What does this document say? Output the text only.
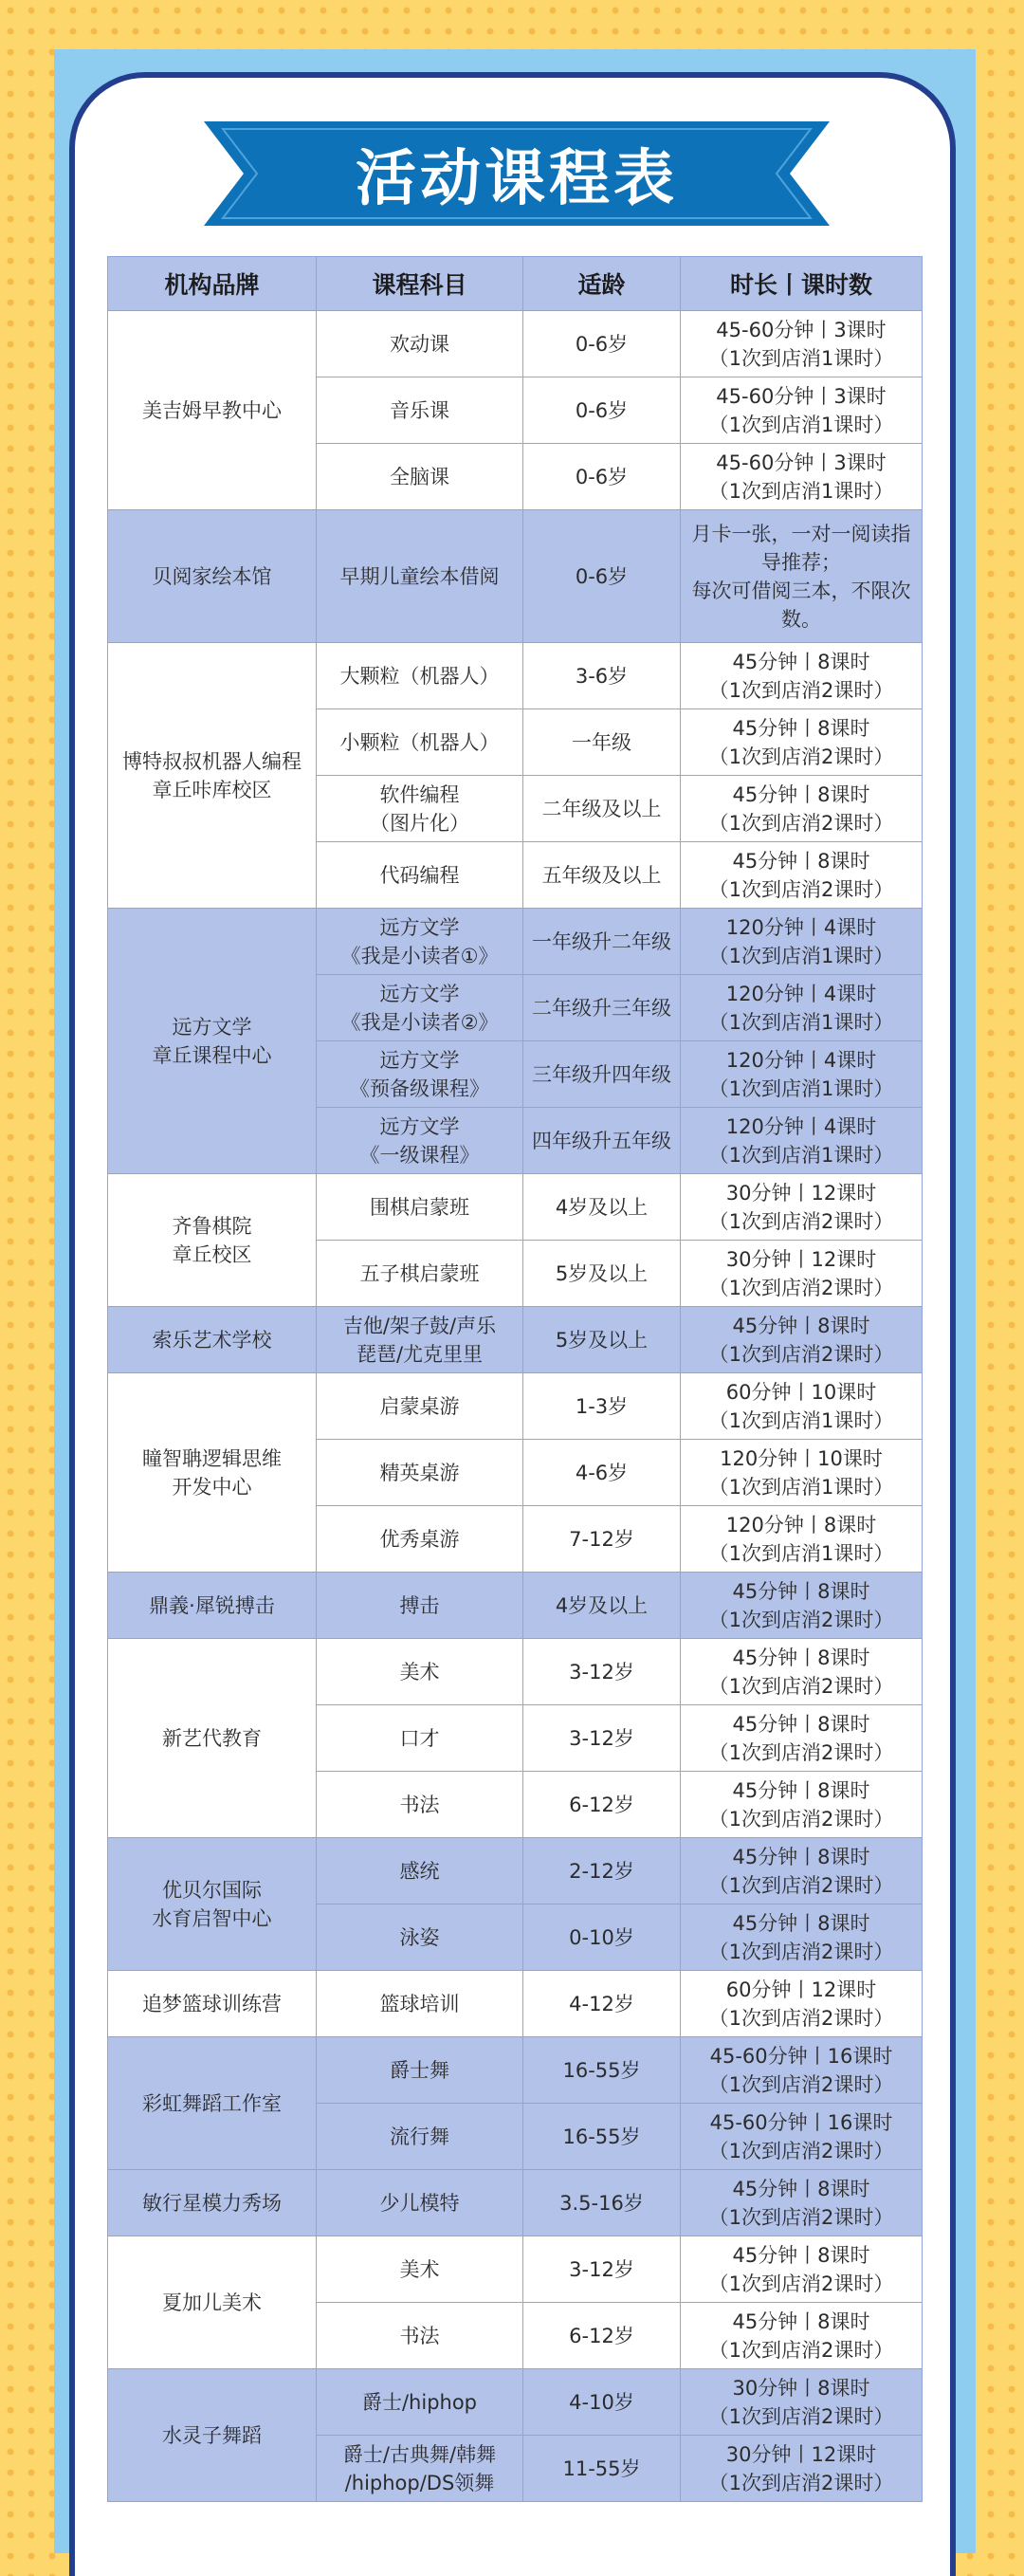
活动课程表
机构品牌	课程科目	适龄	时长丨课时数
美吉姆早教中心	欢动课	0-6岁	45-60分钟丨3课时
（1次到店消1课时）
	音乐课	0-6岁	45-60分钟丨3课时
（1次到店消1课时）
	全脑课	0-6岁	45-60分钟丨3课时
（1次到店消1课时）
贝阅家绘本馆	早期儿童绘本借阅	0-6岁	月卡一张，一对一阅读指导推荐；
每次可借阅三本，不限次数。
博特叔叔机器人编程
章丘咔库校区	大颗粒（机器人）	3-6岁	45分钟丨8课时
（1次到店消2课时）
	小颗粒（机器人）	一年级	45分钟丨8课时
（1次到店消2课时）
	软件编程
（图片化）	二年级及以上	45分钟丨8课时
（1次到店消2课时）
	代码编程	五年级及以上	45分钟丨8课时
（1次到店消2课时）
远方文学
章丘课程中心	远方文学
《我是小读者①》	一年级升二年级	120分钟丨4课时
（1次到店消1课时）
	远方文学
《我是小读者②》	二年级升三年级	120分钟丨4课时
（1次到店消1课时）
	远方文学
《预备级课程》	三年级升四年级	120分钟丨4课时
（1次到店消1课时）
	远方文学
《一级课程》	四年级升五年级	120分钟丨4课时
（1次到店消1课时）
齐鲁棋院
章丘校区	围棋启蒙班	4岁及以上	30分钟丨12课时
（1次到店消2课时）
	五子棋启蒙班	5岁及以上	30分钟丨12课时
（1次到店消2课时）
索乐艺术学校	吉他/架子鼓/声乐
琵琶/尤克里里	5岁及以上	45分钟丨8课时
（1次到店消2课时）
瞳智聃逻辑思维
开发中心	启蒙桌游	1-3岁	60分钟丨10课时
（1次到店消1课时）
	精英桌游	4-6岁	120分钟丨10课时
（1次到店消1课时）
	优秀桌游	7-12岁	120分钟丨8课时
（1次到店消1课时）
鼎義·犀锐搏击	搏击	4岁及以上	45分钟丨8课时
（1次到店消2课时）
新艺代教育	美术	3-12岁	45分钟丨8课时
（1次到店消2课时）
	口才	3-12岁	45分钟丨8课时
（1次到店消2课时）
	书法	6-12岁	45分钟丨8课时
（1次到店消2课时）
优贝尔国际
水育启智中心	感统	2-12岁	45分钟丨8课时
（1次到店消2课时）
	泳姿	0-10岁	45分钟丨8课时
（1次到店消2课时）
追梦篮球训练营	篮球培训	4-12岁	60分钟丨12课时
（1次到店消2课时）
彩虹舞蹈工作室	爵士舞	16-55岁	45-60分钟丨16课时
（1次到店消2课时）
	流行舞	16-55岁	45-60分钟丨16课时
（1次到店消2课时）
敏行星模力秀场	少儿模特	3.5-16岁	45分钟丨8课时
（1次到店消2课时）
夏加儿美术	美术	3-12岁	45分钟丨8课时
（1次到店消2课时）
	书法	6-12岁	45分钟丨8课时
（1次到店消2课时）
水灵子舞蹈	爵士/hiphop	4-10岁	30分钟丨8课时
（1次到店消2课时）
	爵士/古典舞/韩舞
/hiphop/DS领舞	11-55岁	30分钟丨12课时
（1次到店消2课时）
